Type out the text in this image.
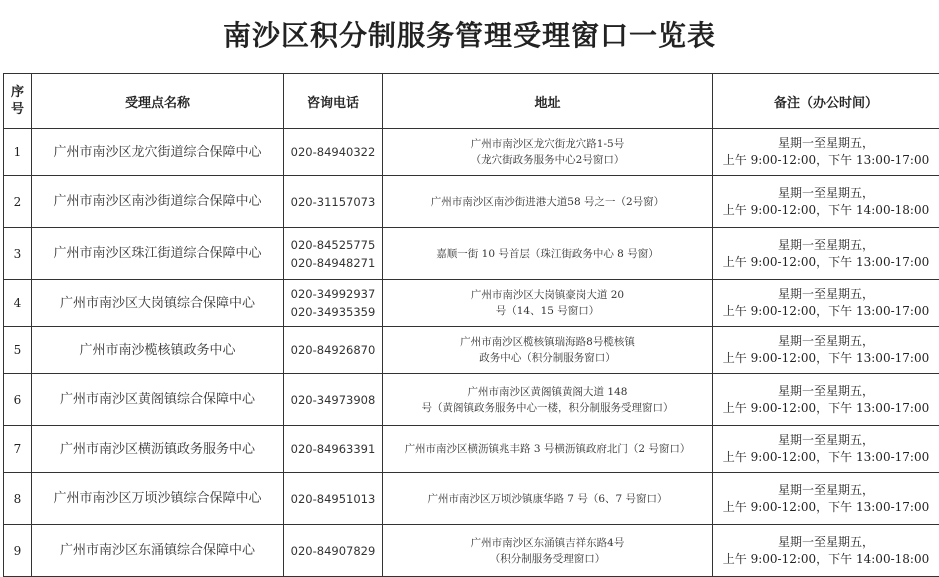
南沙区积分制服务管理受理窗口一览表
序
号	受理点名称	咨询电话	地址	备注（办公时间）
1	广州市南沙区龙穴街道综合保障中心	020-84940322	广州市南沙区龙穴街龙穴路1-5号
（龙穴街政务服务中心2号窗口）	星期一至星期五，
上午 9:00-12:00，下午 13:00-17:00

2	广州市南沙区南沙街道综合保障中心	020-31157073	广州市南沙区南沙街进港大道58 号之一（2号窗）	星期一至星期五，
上午 9:00-12:00，下午 14:00-18:00

3	广州市南沙区珠江街道综合保障中心	020-84525775
020-84948271	嘉顺一街 10 号首层（珠江街政务中心 8 号窗）	星期一至星期五，
上午 9:00-12:00，下午 13:00-17:00

4	广州市南沙区大岗镇综合保障中心	020-34992937
020-34935359	广州市南沙区大岗镇豪岗大道 20
号（14、15 号窗口）	星期一至星期五，
上午 9:00-12:00，下午 13:00-17:00

5	广州市南沙榄核镇政务中心	020-84926870	广州市南沙区榄核镇瑞海路8号榄核镇
政务中心（积分制服务窗口）	星期一至星期五，
上午 9:00-12:00，下午 13:00-17:00

6	广州市南沙区黄阁镇综合保障中心	020-34973908	广州市南沙区黄阁镇黄阁大道 148
号（黄阁镇政务服务中心一楼，积分制服务受理窗口）	星期一至星期五，
上午 9:00-12:00，下午 13:00-17:00

7	广州市南沙区横沥镇政务服务中心	020-84963391	广州市南沙区横沥镇兆丰路 3 号横沥镇政府北门（2 号窗口）	星期一至星期五，
上午 9:00-12:00，下午 13:00-17:00

8	广州市南沙区万顷沙镇综合保障中心	020-84951013	广州市南沙区万顷沙镇康华路 7 号（6、7 号窗口）	星期一至星期五，
上午 9:00-12:00，下午 13:00-17:00

9	广州市南沙区东涌镇综合保障中心	020-84907829	广州市南沙区东涌镇吉祥东路4号
（积分制服务受理窗口）	星期一至星期五，
上午 9:00-12:00，下午 14:00-18:00
